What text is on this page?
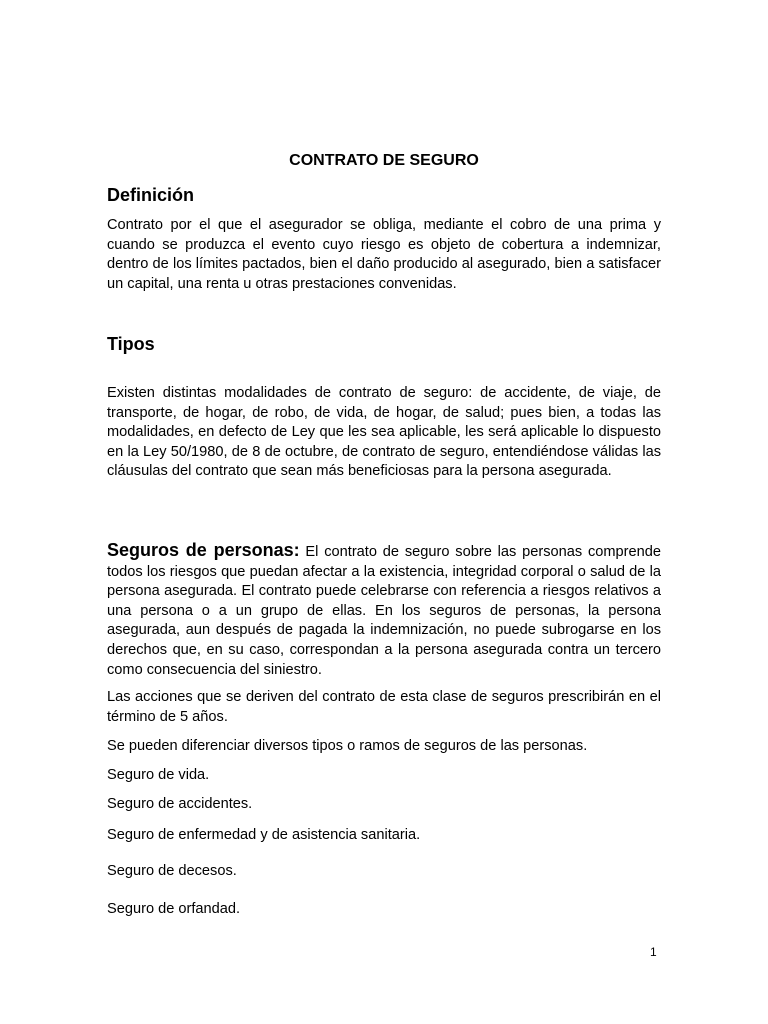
CONTRATO DE SEGURO
Definición

Contrato por el que el asegurador se obliga, mediante el cobro de una prima y cuando se produzca el evento cuyo riesgo es objeto de cobertura a indemnizar, dentro de los límites pactados, bien el daño producido al asegurado, bien a satisfacer un capital, una renta u otras prestaciones convenidas.

Tipos

Existen distintas modalidades de contrato de seguro: de accidente, de viaje, de transporte, de hogar, de robo, de vida, de hogar, de salud; pues bien, a todas las modalidades, en defecto de Ley que les sea aplicable, les será aplicable lo dispuesto en la Ley 50/1980, de 8 de octubre, de contrato de seguro, entendiéndose válidas las cláusulas del contrato que sean más beneficiosas para la persona asegurada.

Seguros de personas: El contrato de seguro sobre las personas comprende todos los riesgos que puedan afectar a la existencia, integridad corporal o salud de la persona asegurada. El contrato puede celebrarse con referencia a riesgos relativos a una persona o a un grupo de ellas. En los seguros de personas, la persona asegurada, aun después de pagada la indemnización, no puede subrogarse en los derechos que, en su caso, correspondan a la persona asegurada contra un tercero como consecuencia del siniestro.

Las acciones que se deriven del contrato de esta clase de seguros prescribirán en el término de 5 años.

Se pueden diferenciar diversos tipos o ramos de seguros de las personas.

Seguro de vida.

Seguro de accidentes.

Seguro de enfermedad y de asistencia sanitaria.

Seguro de decesos.

Seguro de orfandad.

1
